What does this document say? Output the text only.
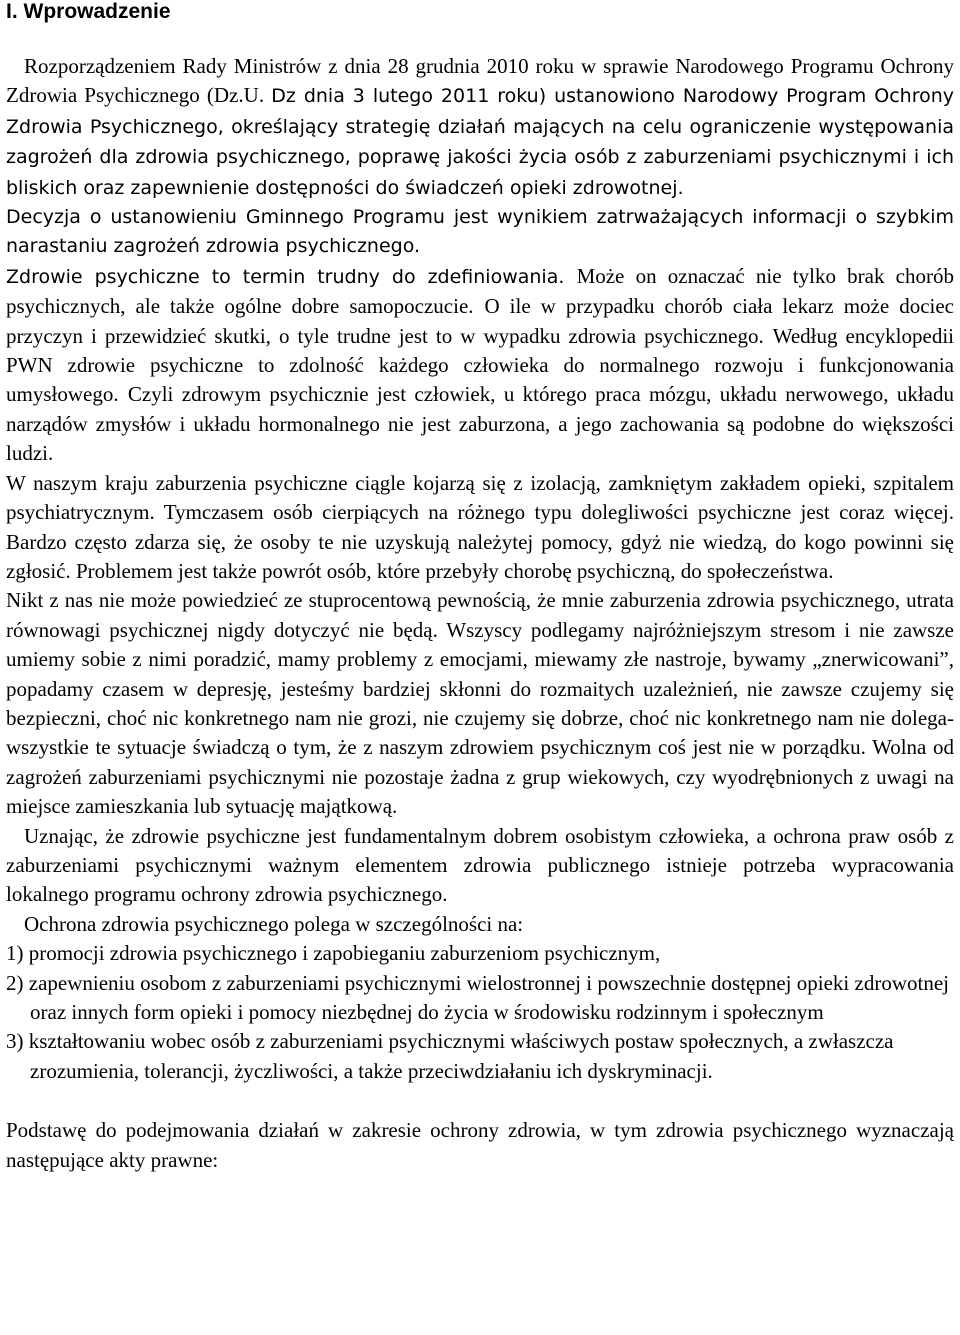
I. Wprowadzenie

Rozporządzeniem Rady Ministrów z dnia 28 grudnia 2010 roku w sprawie Narodowego Programu Ochrony Zdrowia Psychicznego (Dz.U. Dz dnia 3 lutego 2011 roku) ustanowiono Narodowy Program Ochrony Zdrowia Psychicznego, określający strategię działań mających na celu ograniczenie występowania zagrożeń dla zdrowia psychicznego, poprawę jakości życia osób z zaburzeniami psychicznymi i ich bliskich oraz zapewnienie dostępności do świadczeń opieki zdrowotnej.

Decyzja o ustanowieniu Gminnego Programu jest wynikiem zatrważających informacji o szybkim narastaniu zagrożeń zdrowia psychicznego.

Zdrowie psychiczne to termin trudny do zdefiniowania. Może on oznaczać nie tylko brak chorób psychicznych, ale także ogólne dobre samopoczucie. O ile w przypadku chorób ciała lekarz może dociec przyczyn i przewidzieć skutki, o tyle trudne jest to w wypadku zdrowia psychicznego. Według encyklopedii PWN zdrowie psychiczne to zdolność każdego człowieka do normalnego rozwoju i funkcjonowania umysłowego. Czyli zdrowym psychicznie jest człowiek, u którego praca mózgu, układu nerwowego, układu narządów zmysłów i układu hormonalnego nie jest zaburzona, a jego zachowania są podobne do większości ludzi.

W naszym kraju zaburzenia psychiczne ciągle kojarzą się z izolacją, zamkniętym zakładem opieki, szpitalem psychiatrycznym. Tymczasem osób cierpiących na różnego typu dolegliwości psychiczne jest coraz więcej. Bardzo często zdarza się, że osoby te nie uzyskują należytej pomocy, gdyż nie wiedzą, do kogo powinni się zgłosić. Problemem jest także powrót osób, które przebyły chorobę psychiczną, do społeczeństwa.

Nikt z nas nie może powiedzieć ze stuprocentową pewnością, że mnie zaburzenia zdrowia psychicznego, utrata równowagi psychicznej nigdy dotyczyć nie będą. Wszyscy podlegamy najróżniejszym stresom i nie zawsze umiemy sobie z nimi poradzić, mamy problemy z emocjami, miewamy złe nastroje, bywamy „znerwicowani”, popadamy czasem w depresję, jesteśmy bardziej skłonni do rozmaitych uzależnień, nie zawsze czujemy się bezpieczni, choć nic konkretnego nam nie grozi, nie czujemy się dobrze, choć nic konkretnego nam nie dolega- wszystkie te sytuacje świadczą o tym, że z naszym zdrowiem psychicznym coś jest nie w porządku. Wolna od zagrożeń zaburzeniami psychicznymi nie pozostaje żadna z grup wiekowych, czy wyodrębnionych z uwagi na miejsce zamieszkania lub sytuację majątkową.

Uznając, że zdrowie psychiczne jest fundamentalnym dobrem osobistym człowieka, a ochrona praw osób z zaburzeniami psychicznymi ważnym elementem zdrowia publicznego istnieje potrzeba wypracowania lokalnego programu ochrony zdrowia psychicznego.

Ochrona zdrowia psychicznego polega w szczególności na:

1) promocji zdrowia psychicznego i zapobieganiu zaburzeniom psychicznym,
2) zapewnieniu osobom z zaburzeniami psychicznymi wielostronnej i powszechnie dostępnej opieki zdrowotnej oraz innych form opieki i pomocy niezbędnej do życia w środowisku rodzinnym i społecznym
3) kształtowaniu wobec osób z zaburzeniami psychicznymi właściwych postaw społecznych, a zwłaszcza zrozumienia, tolerancji, życzliwości, a także przeciwdziałaniu ich dyskryminacji.

Podstawę do podejmowania działań w zakresie ochrony zdrowia, w tym zdrowia psychicznego wyznaczają następujące akty prawne:
